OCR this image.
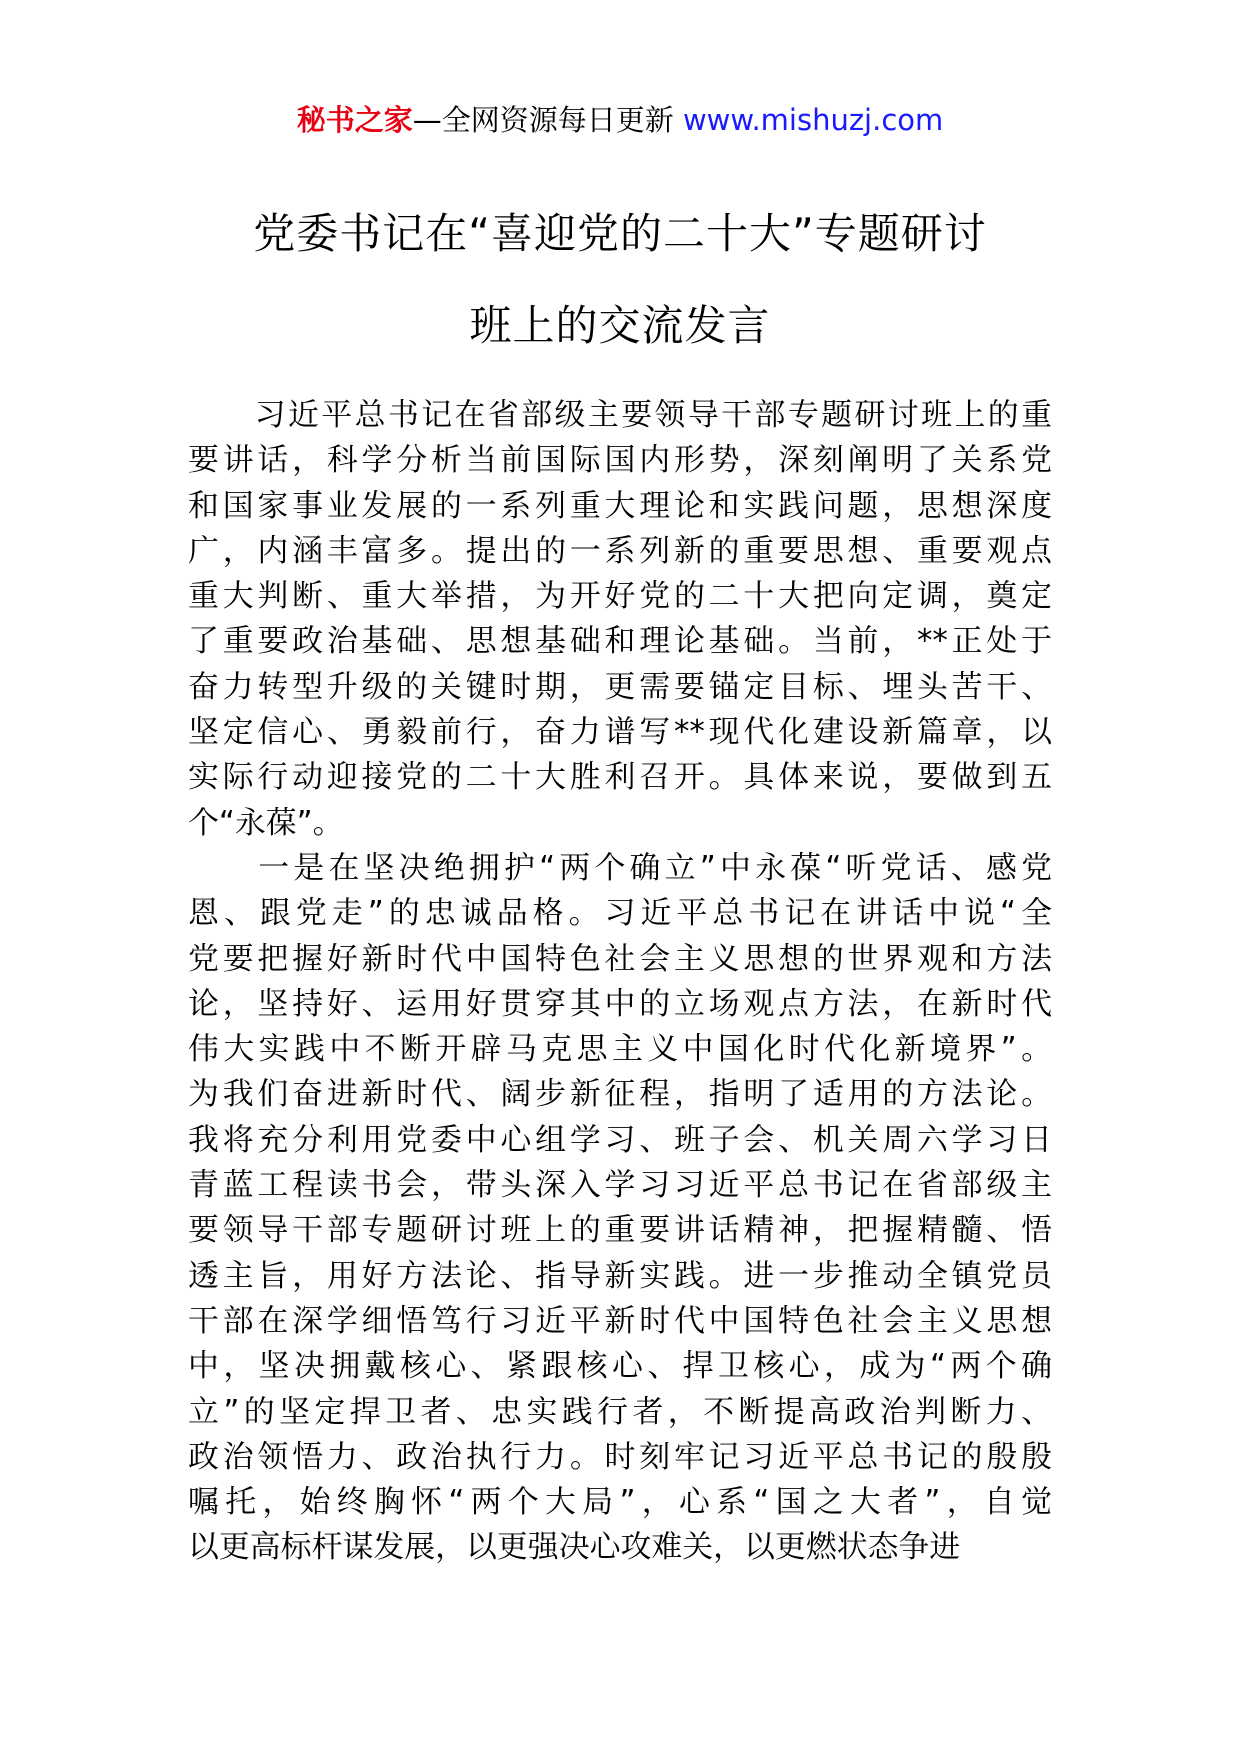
秘书之家—全网资源每日更新 www.mishuzj.com
党委书记在“喜迎党的二十大”专题研讨
班上的交流发言
　　习近平总书记在省部级主要领导干部专题研讨班上的重
要讲话，科学分析当前国际国内形势，深刻阐明了关系党
和国家事业发展的一系列重大理论和实践问题，思想深度
广，内涵丰富多。提出的一系列新的重要思想、重要观点
重大判断、重大举措，为开好党的二十大把向定调，奠定
了重要政治基础、思想基础和理论基础。当前，**正处于
奋力转型升级的关键时期，更需要锚定目标、埋头苦干、
坚定信心、勇毅前行，奋力谱写**现代化建设新篇章，以
实际行动迎接党的二十大胜利召开。具体来说，要做到五
个“永葆”。
　　一是在坚决绝拥护“两个确立”中永葆“听党话、感党
恩、跟党走”的忠诚品格。习近平总书记在讲话中说“全
党要把握好新时代中国特色社会主义思想的世界观和方法
论，坚持好、运用好贯穿其中的立场观点方法，在新时代
伟大实践中不断开辟马克思主义中国化时代化新境界”。
为我们奋进新时代、阔步新征程，指明了适用的方法论。
我将充分利用党委中心组学习、班子会、机关周六学习日
青蓝工程读书会，带头深入学习习近平总书记在省部级主
要领导干部专题研讨班上的重要讲话精神，把握精髓、悟
透主旨，用好方法论、指导新实践。进一步推动全镇党员
干部在深学细悟笃行习近平新时代中国特色社会主义思想
中，坚决拥戴核心、紧跟核心、捍卫核心，成为“两个确
立”的坚定捍卫者、忠实践行者，不断提高政治判断力、
政治领悟力、政治执行力。时刻牢记习近平总书记的殷殷
嘱托，始终胸怀“两个大局”，心系“国之大者”，自觉
以更高标杆谋发展，以更强决心攻难关，以更燃状态争进
